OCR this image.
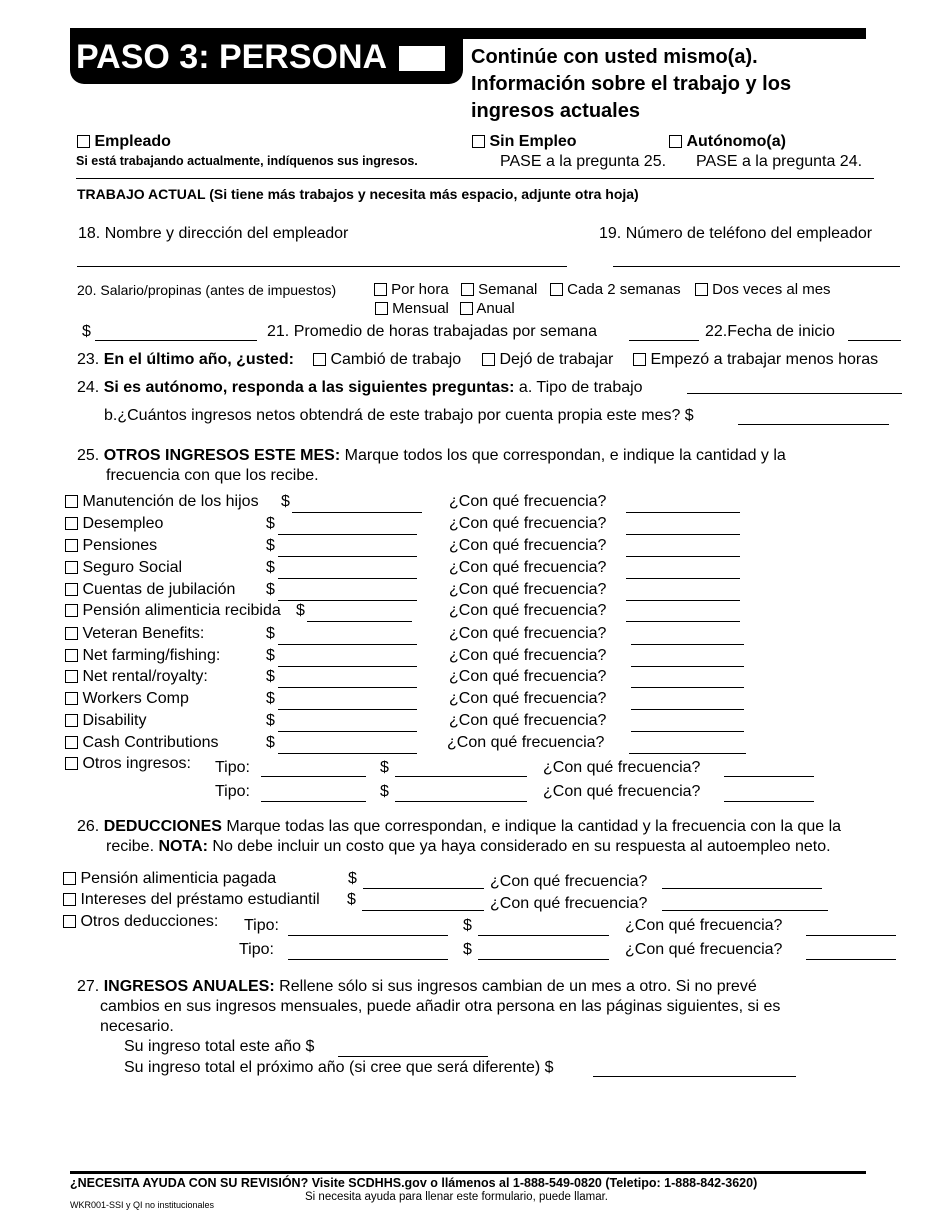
PASO 3: PERSONA	Continúe con usted mismo(a).
Información sobre el trabajo y los
ingresos actuales
Empleado
Si está trabajando actualmente, indíquenos sus ingresos.
Sin Empleo
PASE a la pregunta 25.
Autónomo(a)
PASE a la pregunta 24.
TRABAJO ACTUAL (Si tiene más trabajos y necesita más espacio, adjunte otra hoja)
18. Nombre y dirección del empleador	19. Número de teléfono del empleador
20. Salario/propinas (antes de impuestos)	Por hora	Semanal	Cada 2 semanas	Dos veces al mes
Mensual	Anual
$	21. Promedio de horas trabajadas por semana	22.Fecha de inicio
23. En el último año, ¿usted:	Cambió de trabajo	Dejó de trabajar	Empezó a trabajar menos horas
24. Si es autónomo, responda a las siguientes preguntas: a. Tipo de trabajo
b.¿Cuántos ingresos netos obtendrá de este trabajo por cuenta propia este mes? $
25. OTROS INGRESOS ESTE MES: Marque todos los que correspondan, e indique la cantidad y la
frecuencia con que los recibe.
Manutención de los hijos $	¿Con qué frecuencia?
Desempleo	$	¿Con qué frecuencia?
Pensiones	$	¿Con qué frecuencia?
Seguro Social	$	¿Con qué frecuencia?
Cuentas de jubilación $	¿Con qué frecuencia?
Pensión alimenticia recibida $	¿Con qué frecuencia?
Veteran Benefits:	$	¿Con qué frecuencia?
Net farming/fishing:	$	¿Con qué frecuencia?
Net rental/royalty:	$	¿Con qué frecuencia?
Workers Comp	$	¿Con qué frecuencia?
Disability	$	¿Con qué frecuencia?
Cash Contributions	$	¿Con qué frecuencia?
Otros ingresos: Tipo:	$	¿Con qué frecuencia?
Tipo:	$	¿Con qué frecuencia?
26. DEDUCCIONES Marque todas las que correspondan, e indique la cantidad y la frecuencia con la que la
recibe. NOTA: No debe incluir un costo que ya haya considerado en su respuesta al autoempleo neto.
Pensión alimenticia pagada	$	¿Con qué frecuencia?
Intereses del préstamo estudiantil $	¿Con qué frecuencia?
Otros deducciones: Tipo:	$	¿Con qué frecuencia?
Tipo:	$	¿Con qué frecuencia?
27. INGRESOS ANUALES: Rellene sólo si sus ingresos cambian de un mes a otro. Si no prevé
cambios en sus ingresos mensuales, puede añadir otra persona en las páginas siguientes, si es
necesario.
Su ingreso total este año $
Su ingreso total el próximo año (si cree que será diferente) $
¿NECESITA AYUDA CON SU REVISIÓN? Visite SCDHHS.gov o llámenos al 1-888-549-0820 (Teletipo: 1-888-842-3620)
Si necesita ayuda para llenar este formulario, puede llamar.
WKR001-SSI y QI no institucionales
